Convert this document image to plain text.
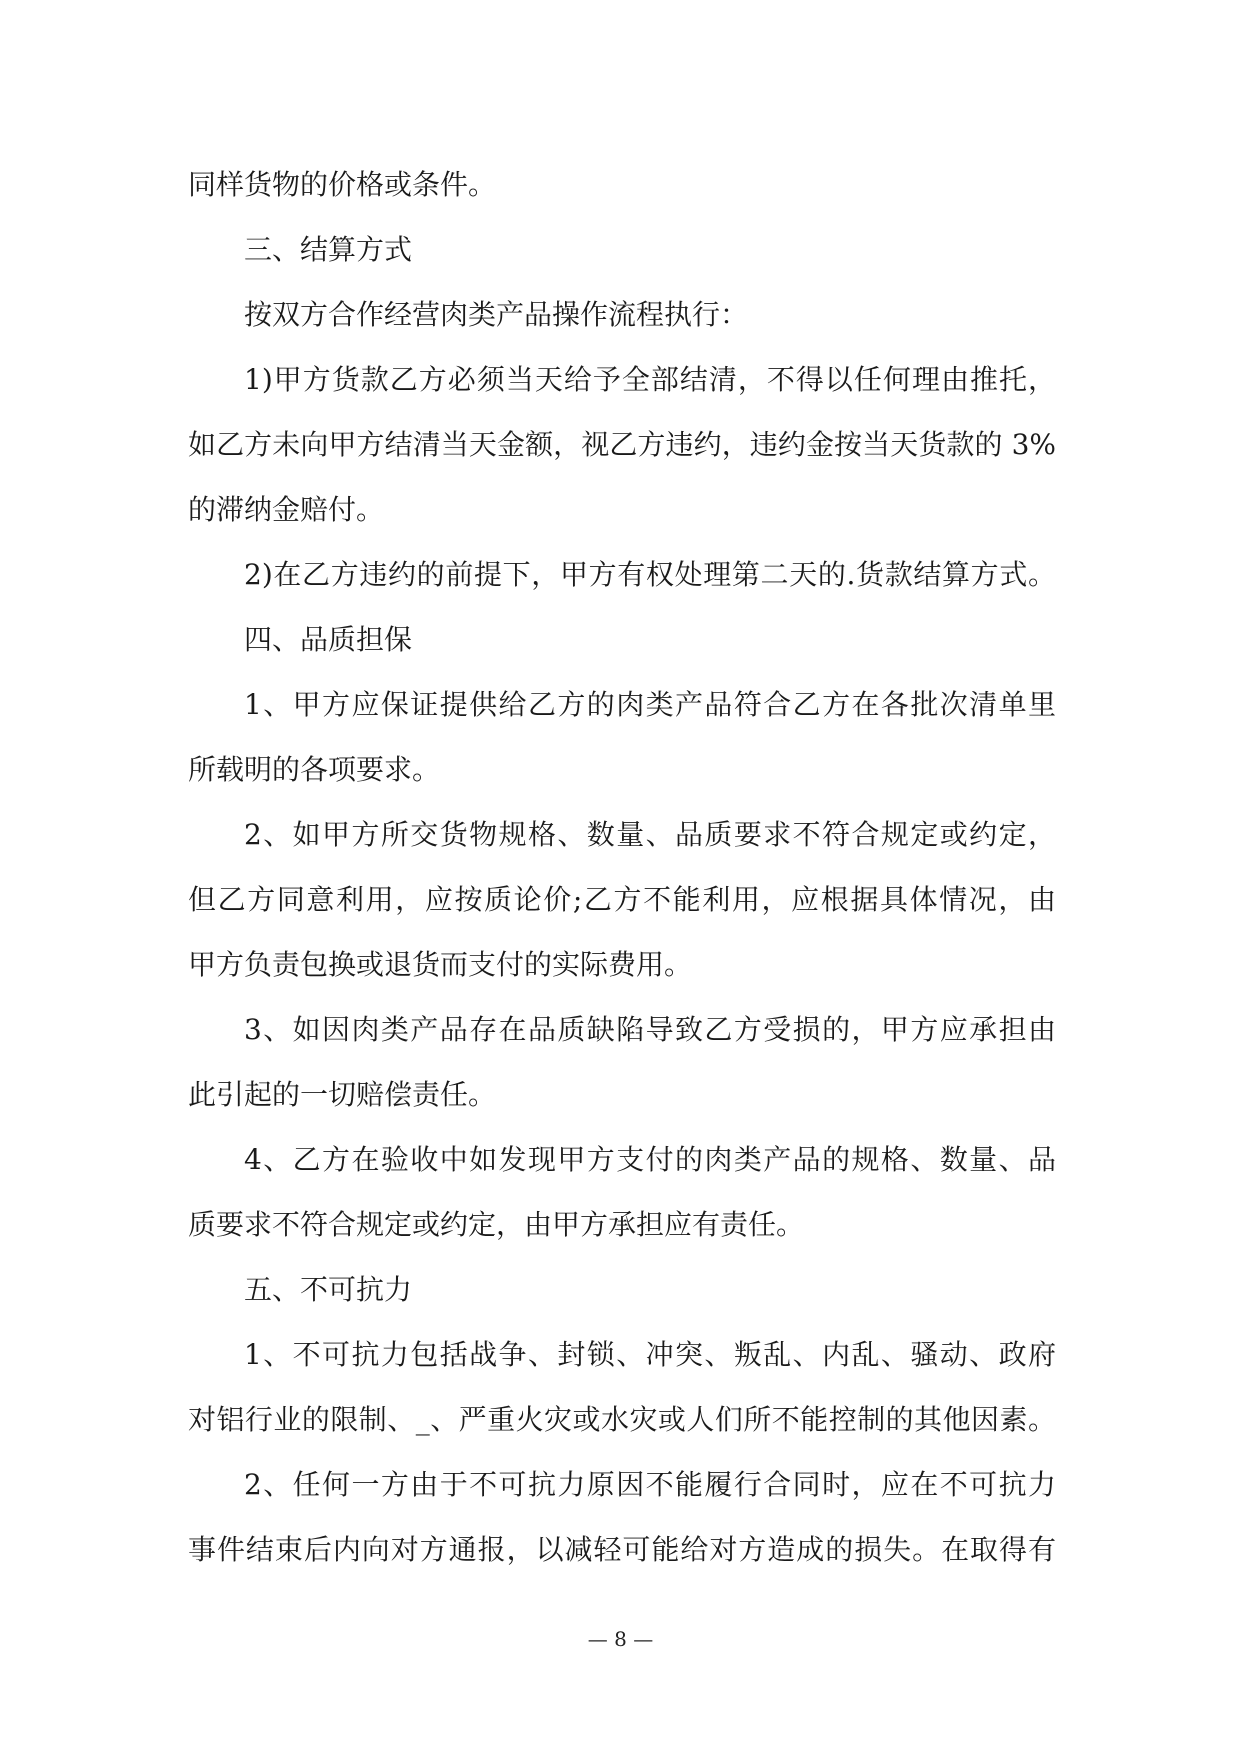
同样货物的价格或条件。
三、结算方式
按双方合作经营肉类产品操作流程执行：
1)甲方货款乙方必须当天给予全部结清，不得以任何理由推托，
如乙方未向甲方结清当天金额，视乙方违约，违约金按当天货款的 3%
的滞纳金赔付。
2)在乙方违约的前提下，甲方有权处理第二天的.货款结算方式。
四、品质担保
1、甲方应保证提供给乙方的肉类产品符合乙方在各批次清单里
所载明的各项要求。
2、如甲方所交货物规格、数量、品质要求不符合规定或约定，
但乙方同意利用，应按质论价;乙方不能利用，应根据具体情况，由
甲方负责包换或退货而支付的实际费用。
3、如因肉类产品存在品质缺陷导致乙方受损的，甲方应承担由
此引起的一切赔偿责任。
4、乙方在验收中如发现甲方支付的肉类产品的规格、数量、品
质要求不符合规定或约定，由甲方承担应有责任。
五、不可抗力
1、不可抗力包括战争、封锁、冲突、叛乱、内乱、骚动、政府
对铝行业的限制、_、严重火灾或水灾或人们所不能控制的其他因素。
2、任何一方由于不可抗力原因不能履行合同时，应在不可抗力
事件结束后内向对方通报，以减轻可能给对方造成的损失。在取得有
— 8 —
